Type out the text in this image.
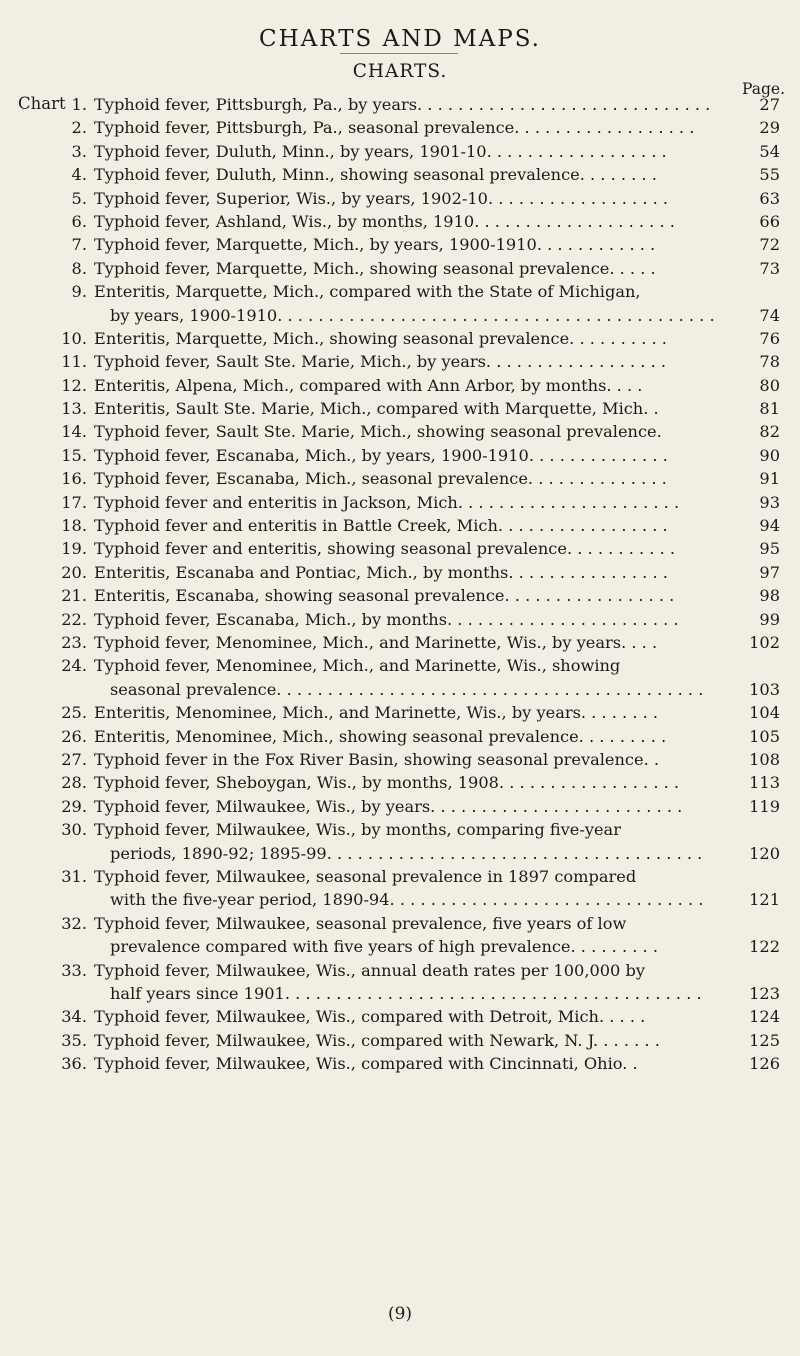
CHARTS AND MAPS.
CHARTS.
Page.
Chart 1. Typhoid fever, Pittsburgh, Pa., by years. . . . . . . . . . . . . . . . . . . . . . . . . . . . .	27
2. Typhoid fever, Pittsburgh, Pa., seasonal prevalence. . . . . . . . . . . . . . . . . .	29
3. Typhoid fever, Duluth, Minn., by years, 1901-10. . . . . . . . . . . . . . . . . .	54
4. Typhoid fever, Duluth, Minn., showing seasonal prevalence. . . . . . . .	55
5. Typhoid fever, Superior, Wis., by years, 1902-10. . . . . . . . . . . . . . . . . .	63
6. Typhoid fever, Ashland, Wis., by months, 1910. . . . . . . . . . . . . . . . . . . .	66
7. Typhoid fever, Marquette, Mich., by years, 1900-1910. . . . . . . . . . . .	72
8. Typhoid fever, Marquette, Mich., showing seasonal prevalence. . . . .	73
9. Enteritis, Marquette, Mich., compared with the State of Michigan,
by years, 1900-1910. . . . . . . . . . . . . . . . . . . . . . . . . . . . . . . . . . . . . . . . . . .	74
10. Enteritis, Marquette, Mich., showing seasonal prevalence. . . . . . . . . .	76
11. Typhoid fever, Sault Ste. Marie, Mich., by years. . . . . . . . . . . . . . . . . .	78
12. Enteritis, Alpena, Mich., compared with Ann Arbor, by months. . . .	80
13. Enteritis, Sault Ste. Marie, Mich., compared with Marquette, Mich. .	81
14. Typhoid fever, Sault Ste. Marie, Mich., showing seasonal prevalence.	82
15. Typhoid fever, Escanaba, Mich., by years, 1900-1910. . . . . . . . . . . . . .	90
16. Typhoid fever, Escanaba, Mich., seasonal prevalence. . . . . . . . . . . . . .	91
17. Typhoid fever and enteritis in Jackson, Mich. . . . . . . . . . . . . . . . . . . . . .	93
18. Typhoid fever and enteritis in Battle Creek, Mich. . . . . . . . . . . . . . . . .	94
19. Typhoid fever and enteritis, showing seasonal prevalence. . . . . . . . . . .	95
20. Enteritis, Escanaba and Pontiac, Mich., by months. . . . . . . . . . . . . . . .	97
21. Enteritis, Escanaba, showing seasonal prevalence. . . . . . . . . . . . . . . . .	98
22. Typhoid fever, Escanaba, Mich., by months. . . . . . . . . . . . . . . . . . . . . . .	99
23. Typhoid fever, Menominee, Mich., and Marinette, Wis., by years. . . .	102
24. Typhoid fever, Menominee, Mich., and Marinette, Wis., showing
seasonal prevalence. . . . . . . . . . . . . . . . . . . . . . . . . . . . . . . . . . . . . . . . . .	103
25. Enteritis, Menominee, Mich., and Marinette, Wis., by years. . . . . . . .	104
26. Enteritis, Menominee, Mich., showing seasonal prevalence. . . . . . . . .	105
27. Typhoid fever in the Fox River Basin, showing seasonal prevalence. .	108
28. Typhoid fever, Sheboygan, Wis., by months, 1908. . . . . . . . . . . . . . . . . .	113
29. Typhoid fever, Milwaukee, Wis., by years. . . . . . . . . . . . . . . . . . . . . . . . .	119
30. Typhoid fever, Milwaukee, Wis., by months, comparing five-year
periods, 1890-92; 1895-99. . . . . . . . . . . . . . . . . . . . . . . . . . . . . . . . . . . . .	120
31. Typhoid fever, Milwaukee, seasonal prevalence in 1897 compared
with the five-year period, 1890-94. . . . . . . . . . . . . . . . . . . . . . . . . . . . . . .	121
32. Typhoid fever, Milwaukee, seasonal prevalence, five years of low
prevalence compared with five years of high prevalence. . . . . . . . .	122
33. Typhoid fever, Milwaukee, Wis., annual death rates per 100,000 by
half years since 1901. . . . . . . . . . . . . . . . . . . . . . . . . . . . . . . . . . . . . . . . .	123
34. Typhoid fever, Milwaukee, Wis., compared with Detroit, Mich. . . . .	124
35. Typhoid fever, Milwaukee, Wis., compared with Newark, N. J. . . . . . .	125
36. Typhoid fever, Milwaukee, Wis., compared with Cincinnati, Ohio. .	126
(9)
